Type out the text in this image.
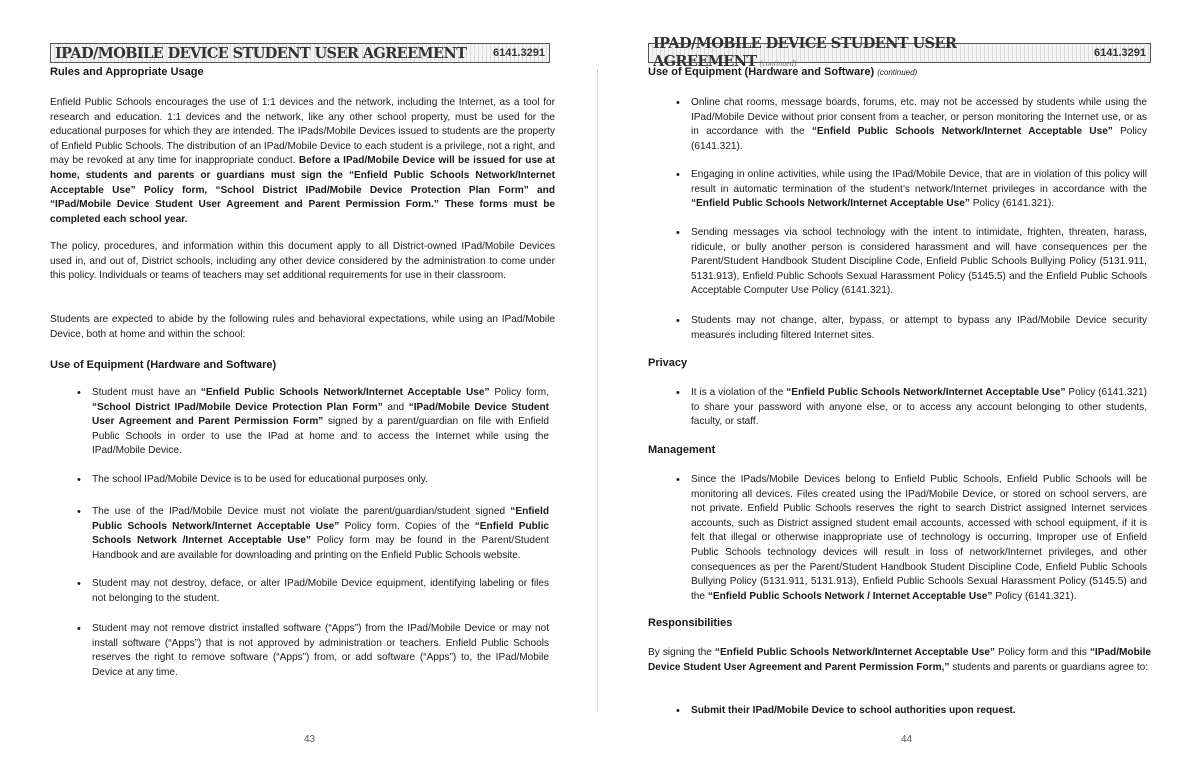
IPAD/MOBILE DEVICE STUDENT USER AGREEMENT 6141.3291
Rules and Appropriate Usage
Enfield Public Schools encourages the use of 1:1 devices and the network, including the Internet, as a tool for research and education. 1:1 devices and the network, like any other school property, must be used for the educational purposes for which they are intended. The IPads/Mobile Devices issued to students are the property of Enfield Public Schools. The distribution of an IPad/Mobile Device to each student is a privilege, not a right, and may be revoked at any time for inappropriate conduct. Before a IPad/Mobile Device will be issued for use at home, students and parents or guardians must sign the “Enfield Public Schools Network/Internet Acceptable Use” Policy form, “School District IPad/Mobile Device Protection Plan Form” and “IPad/Mobile Device Student User Agreement and Parent Permission Form.” These forms must be completed each school year.
The policy, procedures, and information within this document apply to all District-owned IPad/Mobile Devices used in, and out of, District schools, including any other device considered by the administration to come under this policy. Individuals or teams of teachers may set additional requirements for use in their classroom.
Students are expected to abide by the following rules and behavioral expectations, while using an IPad/Mobile Device, both at home and within the school:
Use of Equipment (Hardware and Software)
• Student must have an “Enfield Public Schools Network/Internet Acceptable Use” Policy form, “School District IPad/Mobile Device Protection Plan Form” and “IPad/Mobile Device Student User Agreement and Parent Permission Form” signed by a parent/guardian on file with Enfield Public Schools in order to use the IPad at home and to access the Internet while using the IPad/Mobile Device.
• The school IPad/Mobile Device is to be used for educational purposes only.
• The use of the IPad/Mobile Device must not violate the parent/guardian/student signed “Enfield Public Schools Network/Internet Acceptable Use” Policy form. Copies of the “Enfield Public Schools Network /Internet Acceptable Use” Policy form may be found in the Parent/Student Handbook and are available for downloading and printing on the Enfield Public Schools website.
• Student may not destroy, deface, or alter IPad/Mobile Device equipment, identifying labeling or files not belonging to the student.
• Student may not remove district installed software (“Apps”) from the IPad/Mobile Device or may not install software (“Apps”) that is not approved by administration or teachers. Enfield Public Schools reserves the right to remove software (“Apps”) from, or add software (“Apps”) to, the IPad/Mobile Device at any time.
43
IPAD/MOBILE DEVICE STUDENT USER AGREEMENT (continued)
6141.3291
Use of Equipment (Hardware and Software) (continued)
• Online chat rooms, message boards, forums, etc. may not be accessed by students while using the IPad/Mobile Device without prior consent from a teacher, or person monitoring the Internet use, or as in accordance with the “Enfield Public Schools Network/Internet Acceptable Use” Policy (6141.321).
• Engaging in online activities, while using the IPad/Mobile Device, that are in violation of this policy will result in automatic termination of the student’s network/Internet privileges in accordance with the “Enfield Public Schools Network/Internet Acceptable Use” Policy (6141.321).
• Sending messages via school technology with the intent to intimidate, frighten, threaten, harass, ridicule, or bully another person is considered harassment and will have consequences per the Parent/Student Handbook Student Discipline Code, Enfield Public Schools Bullying Policy (5131.911, 5131.913), Enfield Public Schools Sexual Harassment Policy (5145.5) and the Enfield Public Schools Acceptable Computer Use Policy (6141.321).
• Students may not change, alter, bypass, or attempt to bypass any IPad/Mobile Device security measures including filtered Internet sites.
Privacy
• It is a violation of the “Enfield Public Schools Network/Internet Acceptable Use” Policy (6141.321) to share your password with anyone else, or to access any account belonging to other students, faculty, or staff.
Management
• Since the IPads/Mobile Devices belong to Enfield Public Schools, Enfield Public Schools will be monitoring all devices. Files created using the IPad/Mobile Device, or stored on school servers, are not private. Enfield Public Schools reserves the right to search District assigned Internet services accounts, such as District assigned student email accounts, accessed with school equipment, if it is felt that illegal or otherwise inappropriate use of technology is occurring. Improper use of Enfield Public Schools technology devices will result in loss of network/Internet privileges, and other consequences as per the Parent/Student Handbook Student Discipline Code, Enfield Public Schools Bullying Policy (5131.911, 5131.913), Enfield Public Schools Sexual Harassment Policy (5145.5) and the “Enfield Public Schools Network / Internet Acceptable Use” Policy (6141.321).
Responsibilities
By signing the “Enfield Public Schools Network/Internet Acceptable Use” Policy form and this “IPad/Mobile Device Student User Agreement and Parent Permission Form,” students and parents or guardians agree to:
• Submit their IPad/Mobile Device to school authorities upon request.
44
